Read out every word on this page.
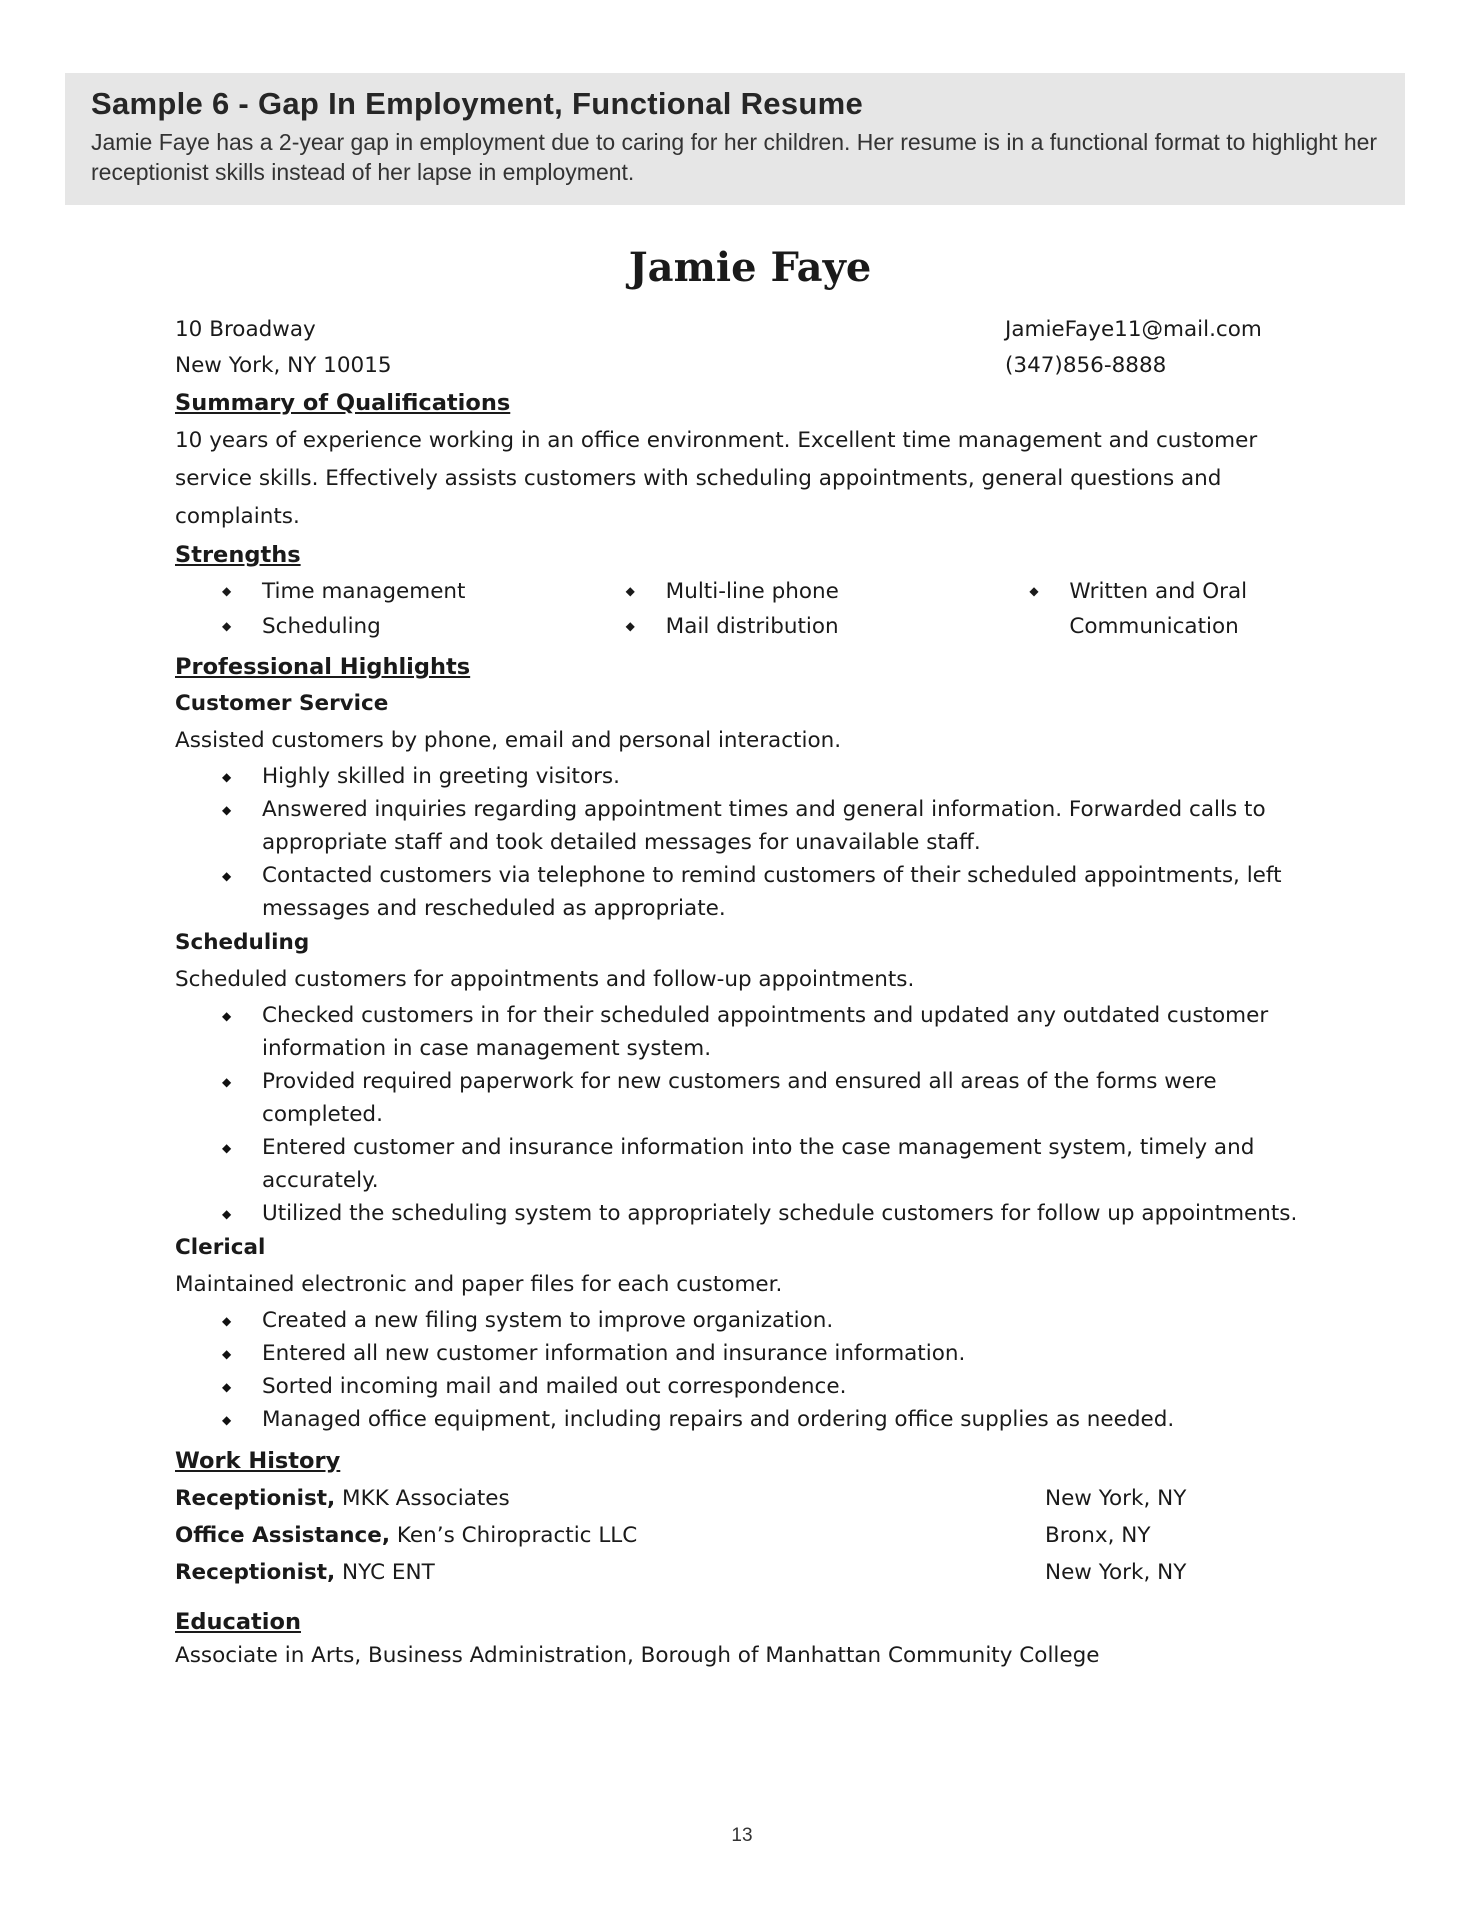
Sample 6 - Gap In Employment, Functional Resume
Jamie Faye has a 2-year gap in employment due to caring for her children. Her resume is in a functional format to highlight her receptionist skills instead of her lapse in employment.
Jamie Faye
10 Broadway	JamieFaye11@mail.com
New York, NY 10015	(347)856-8888
Summary of Qualifications

10 years of experience working in an office environment. Excellent time management and customer service skills. Effectively assists customers with scheduling appointments, general questions and complaints.

Strengths
◆ Time management
◆ Scheduling
◆ Multi-line phone
◆ Mail distribution
◆ Written and Oral Communication
Professional Highlights
Customer Service

Assisted customers by phone, email and personal interaction.

◆ Highly skilled in greeting visitors.
◆ Answered inquiries regarding appointment times and general information. Forwarded calls to appropriate staff and took detailed messages for unavailable staff.
◆ Contacted customers via telephone to remind customers of their scheduled appointments, left messages and rescheduled as appropriate.
Scheduling

Scheduled customers for appointments and follow-up appointments.

◆ Checked customers in for their scheduled appointments and updated any outdated customer information in case management system.
◆ Provided required paperwork for new customers and ensured all areas of the forms were completed.
◆ Entered customer and insurance information into the case management system, timely and accurately.
◆ Utilized the scheduling system to appropriately schedule customers for follow up appointments.
Clerical

Maintained electronic and paper files for each customer.

◆ Created a new filing system to improve organization.
◆ Entered all new customer information and insurance information.
◆ Sorted incoming mail and mailed out correspondence.
◆ Managed office equipment, including repairs and ordering office supplies as needed.
Work History
Receptionist, MKK Associates	New York, NY
Office Assistance, Ken’s Chiropractic LLC	Bronx, NY
Receptionist, NYC ENT	New York, NY
Education

Associate in Arts, Business Administration, Borough of Manhattan Community College

13
